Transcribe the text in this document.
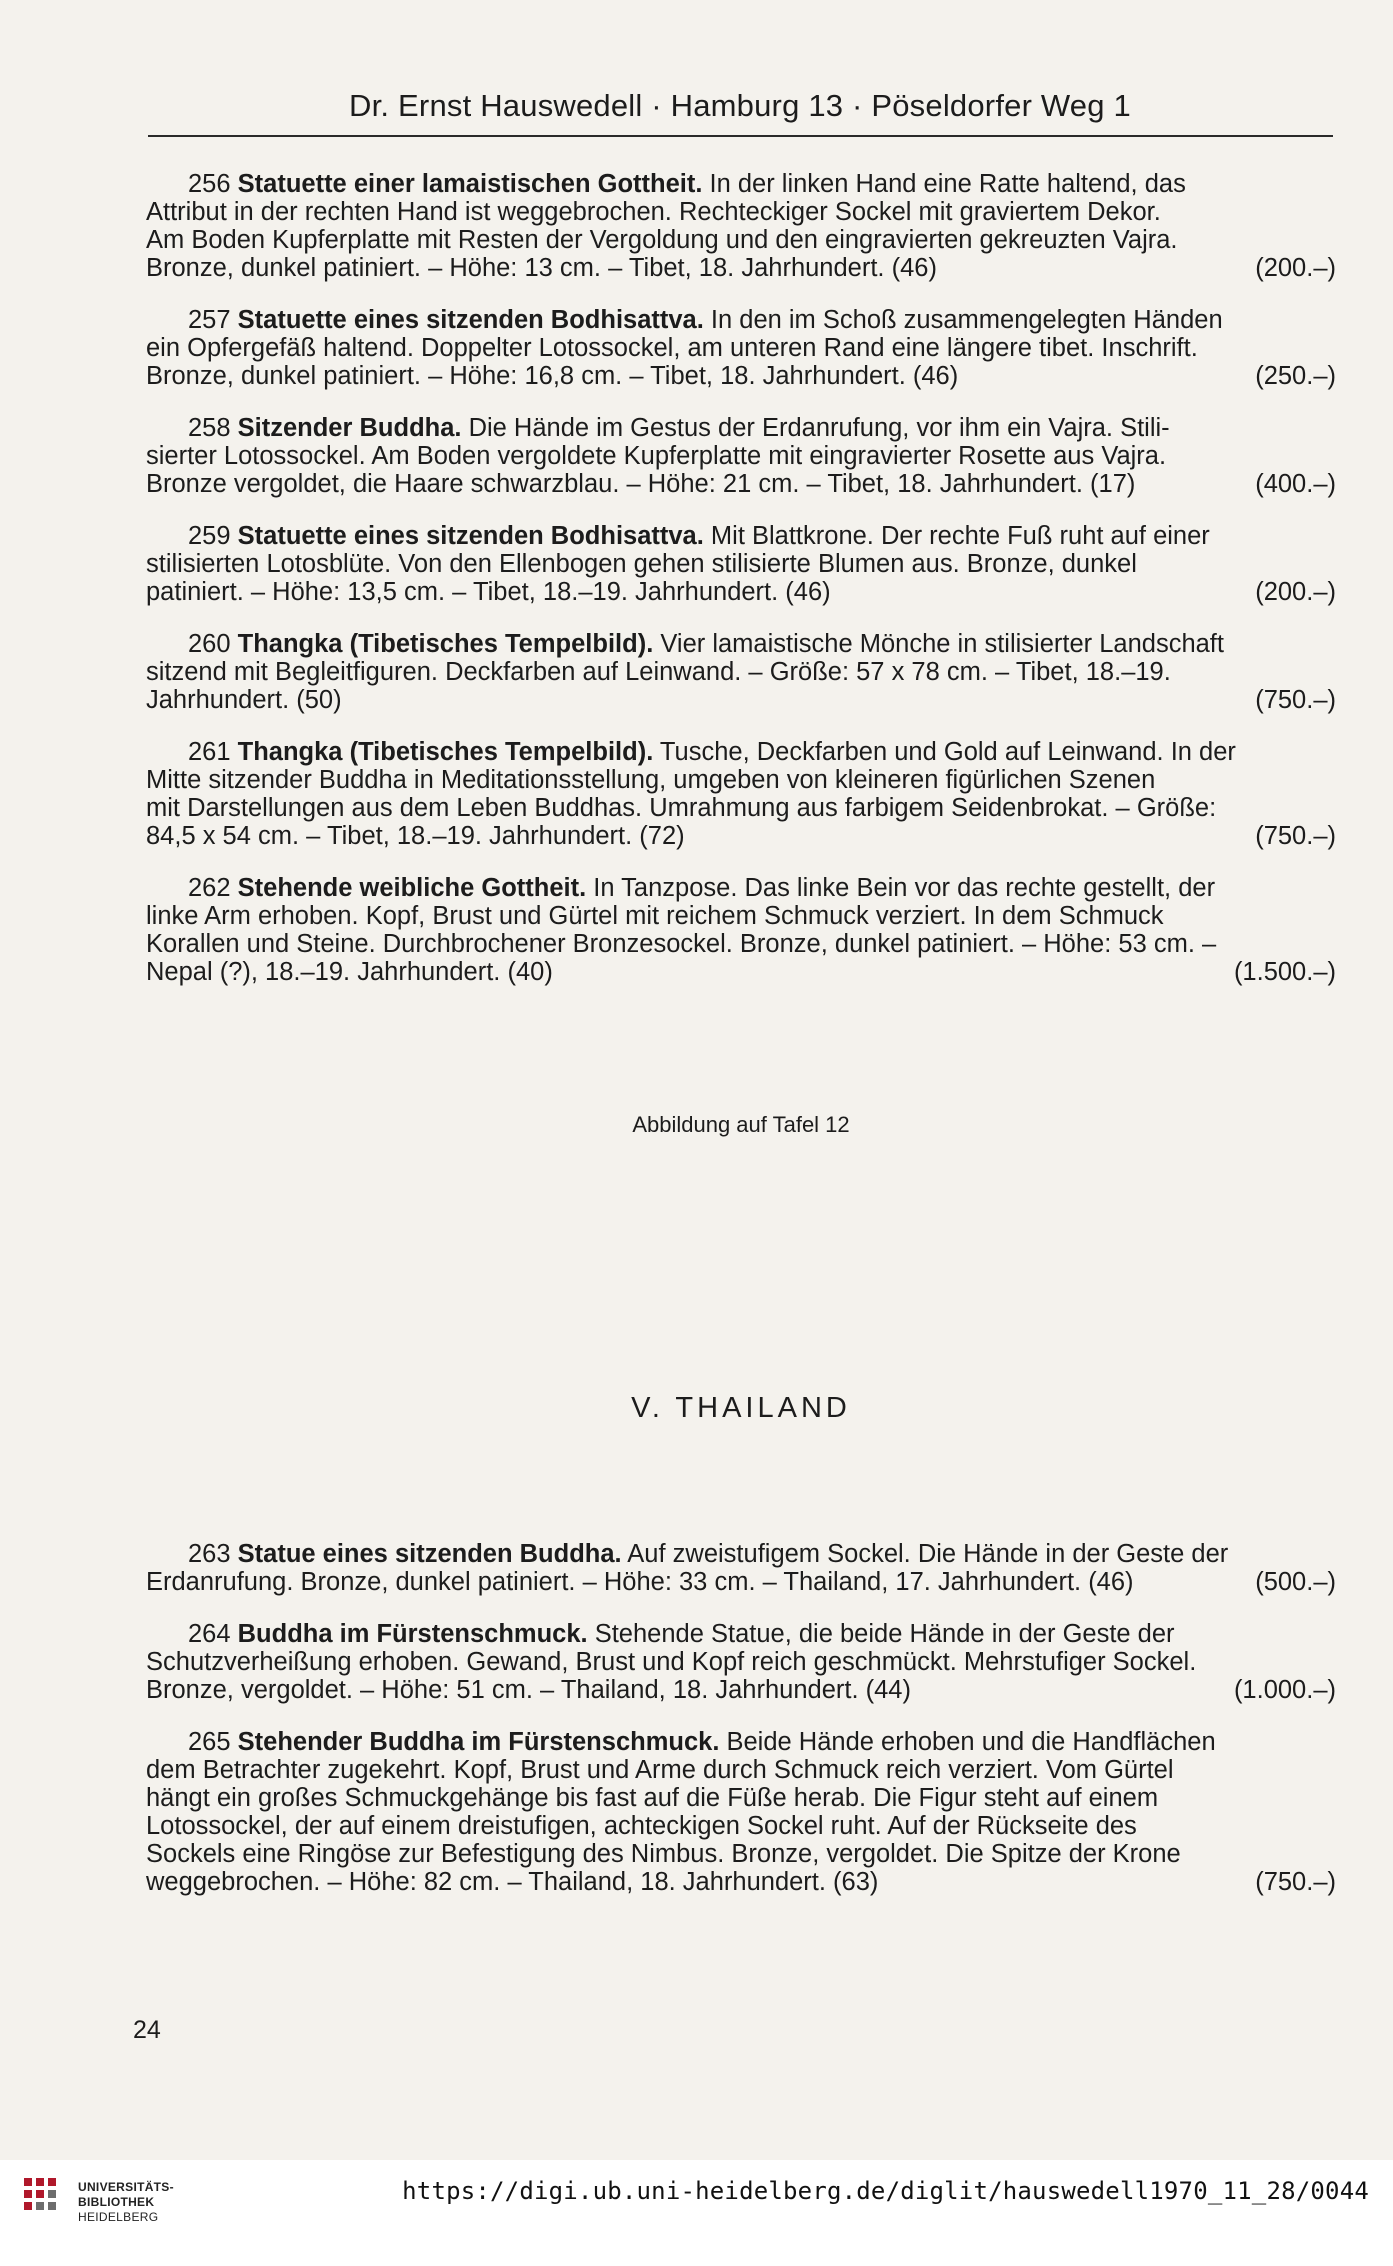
Dr. Ernst Hauswedell · Hamburg 13 · Pöseldorfer Weg 1
256 Statuette einer lamaistischen Gottheit. In der linken Hand eine Ratte haltend, das
Attribut in der rechten Hand ist weggebrochen. Rechteckiger Sockel mit graviertem Dekor.
Am Boden Kupferplatte mit Resten der Vergoldung und den eingravierten gekreuzten Vajra.
Bronze, dunkel patiniert. – Höhe: 13 cm. – Tibet, 18. Jahrhundert. (46)	(200.–)
257 Statuette eines sitzenden Bodhisattva. In den im Schoß zusammengelegten Händen
ein Opfergefäß haltend. Doppelter Lotossockel, am unteren Rand eine längere tibet. Inschrift.
Bronze, dunkel patiniert. – Höhe: 16,8 cm. – Tibet, 18. Jahrhundert. (46)	(250.–)
258 Sitzender Buddha. Die Hände im Gestus der Erdanrufung, vor ihm ein Vajra. Stili-
sierter Lotossockel. Am Boden vergoldete Kupferplatte mit eingravierter Rosette aus Vajra.
Bronze vergoldet, die Haare schwarzblau. – Höhe: 21 cm. – Tibet, 18. Jahrhundert. (17)	(400.–)
259 Statuette eines sitzenden Bodhisattva. Mit Blattkrone. Der rechte Fuß ruht auf einer
stilisierten Lotosblüte. Von den Ellenbogen gehen stilisierte Blumen aus. Bronze, dunkel
patiniert. – Höhe: 13,5 cm. – Tibet, 18.–19. Jahrhundert. (46)	(200.–)
260 Thangka (Tibetisches Tempelbild). Vier lamaistische Mönche in stilisierter Landschaft
sitzend mit Begleitfiguren. Deckfarben auf Leinwand. – Größe: 57 x 78 cm. – Tibet, 18.–19.
Jahrhundert. (50)	(750.–)
261 Thangka (Tibetisches Tempelbild). Tusche, Deckfarben und Gold auf Leinwand. In der
Mitte sitzender Buddha in Meditationsstellung, umgeben von kleineren figürlichen Szenen
mit Darstellungen aus dem Leben Buddhas. Umrahmung aus farbigem Seidenbrokat. – Größe:
84,5 x 54 cm. – Tibet, 18.–19. Jahrhundert. (72)	(750.–)
262 Stehende weibliche Gottheit. In Tanzpose. Das linke Bein vor das rechte gestellt, der
linke Arm erhoben. Kopf, Brust und Gürtel mit reichem Schmuck verziert. In dem Schmuck
Korallen und Steine. Durchbrochener Bronzesockel. Bronze, dunkel patiniert. – Höhe: 53 cm. –
Nepal (?), 18.–19. Jahrhundert. (40)	(1.500.–)
Abbildung auf Tafel 12
V. THAILAND
263 Statue eines sitzenden Buddha. Auf zweistufigem Sockel. Die Hände in der Geste der
Erdanrufung. Bronze, dunkel patiniert. – Höhe: 33 cm. – Thailand, 17. Jahrhundert. (46)	(500.–)
264 Buddha im Fürstenschmuck. Stehende Statue, die beide Hände in der Geste der
Schutzverheißung erhoben. Gewand, Brust und Kopf reich geschmückt. Mehrstufiger Sockel.
Bronze, vergoldet. – Höhe: 51 cm. – Thailand, 18. Jahrhundert. (44)	(1.000.–)
265 Stehender Buddha im Fürstenschmuck. Beide Hände erhoben und die Handflächen
dem Betrachter zugekehrt. Kopf, Brust und Arme durch Schmuck reich verziert. Vom Gürtel
hängt ein großes Schmuckgehänge bis fast auf die Füße herab. Die Figur steht auf einem
Lotossockel, der auf einem dreistufigen, achteckigen Sockel ruht. Auf der Rückseite des
Sockels eine Ringöse zur Befestigung des Nimbus. Bronze, vergoldet. Die Spitze der Krone
weggebrochen. – Höhe: 82 cm. – Thailand, 18. Jahrhundert. (63)	(750.–)
24
UNIVERSITÄTS-
BIBLIOTHEK
HEIDELBERG
https://digi.ub.uni-heidelberg.de/diglit/hauswedell1970_11_28/0044
